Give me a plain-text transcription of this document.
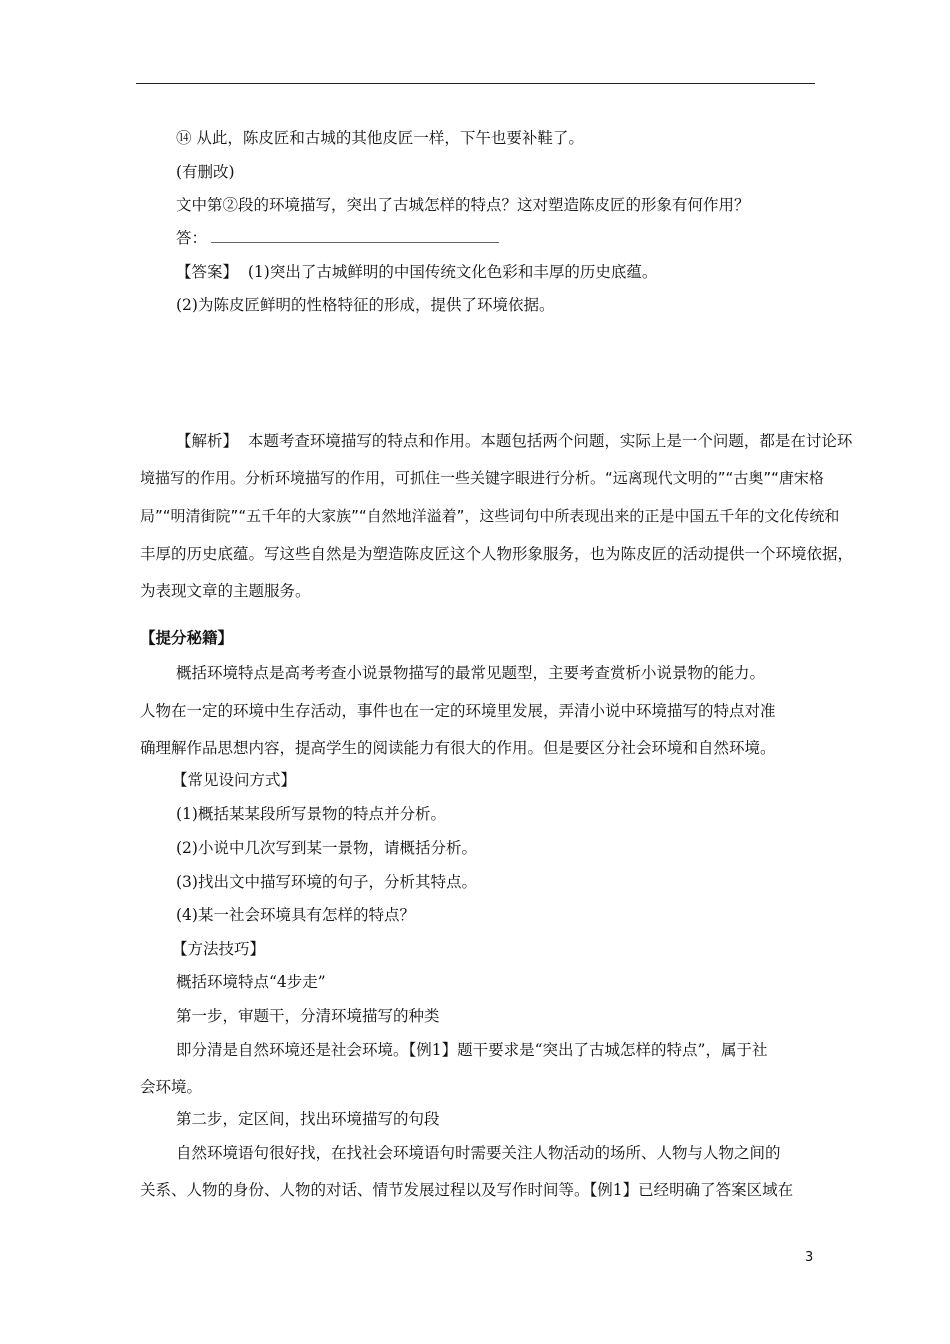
⑭ 从此，陈皮匠和古城的其他皮匠一样，下午也要补鞋了。
(有删改)
文中第②段的环境描写，突出了古城怎样的特点？这对塑造陈皮匠的形象有何作用？
答：
【答案】 (1)突出了古城鲜明的中国传统文化色彩和丰厚的历史底蕴。
(2)为陈皮匠鲜明的性格特征的形成，提供了环境依据。
【解析】 本题考查环境描写的特点和作用。本题包括两个问题，实际上是一个问题，都是在讨论环
境描写的作用。分析环境描写的作用，可抓住一些关键字眼进行分析。“远离现代文明的”“古奥”“唐宋格
局”“明清街院”“五千年的大家族”“自然地洋溢着”，这些词句中所表现出来的正是中国五千年的文化传统和
丰厚的历史底蕴。写这些自然是为塑造陈皮匠这个人物形象服务，也为陈皮匠的活动提供一个环境依据，
为表现文章的主题服务。
【提分秘籍】
概括环境特点是高考考查小说景物描写的最常见题型，主要考查赏析小说景物的能力。
人物在一定的环境中生存活动，事件也在一定的环境里发展，弄清小说中环境描写的特点对准
确理解作品思想内容，提高学生的阅读能力有很大的作用。但是要区分社会环境和自然环境。
【常见设问方式】
(1)概括某某段所写景物的特点并分析。
(2)小说中几次写到某一景物，请概括分析。
(3)找出文中描写环境的句子，分析其特点。
(4)某一社会环境具有怎样的特点？
【方法技巧】
概括环境特点“4步走”
第一步，审题干，分清环境描写的种类
即分清是自然环境还是社会环境。【例1】题干要求是“突出了古城怎样的特点”，属于社
会环境。
第二步，定区间，找出环境描写的句段
自然环境语句很好找，在找社会环境语句时需要关注人物活动的场所、人物与人物之间的
关系、人物的身份、人物的对话、情节发展过程以及写作时间等。【例1】已经明确了答案区域在
3
